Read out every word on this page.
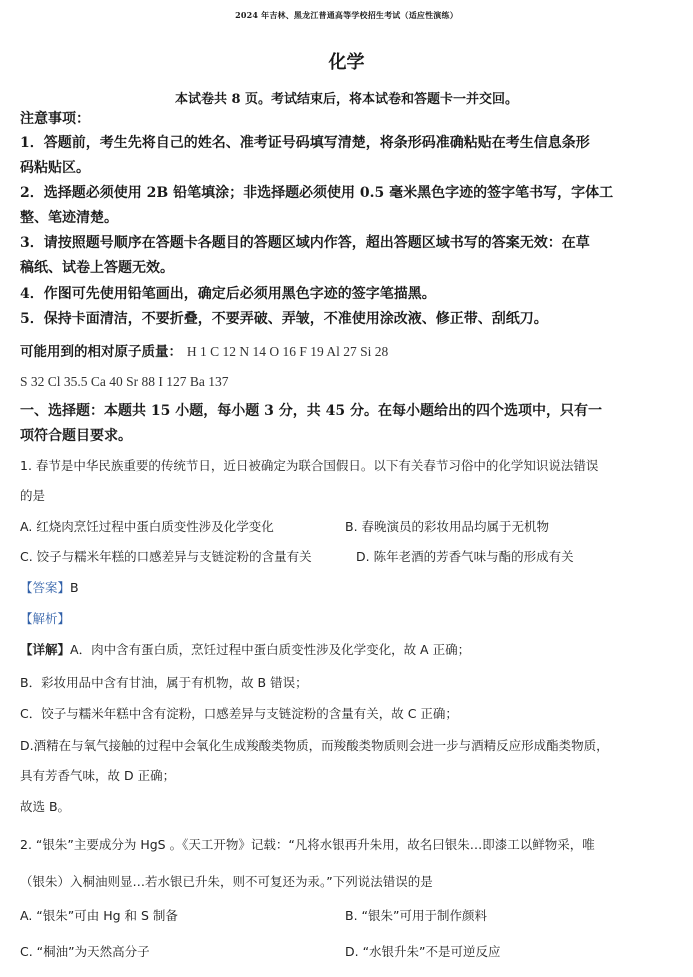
2024 年吉林、黑龙江普通高等学校招生考试（适应性演练）
化学
本试卷共 8 页。考试结束后，将本试卷和答题卡一并交回。
注意事项：
1．答题前，考生先将自己的姓名、准考证号码填写清楚，将条形码准确粘贴在考生信息条形
码粘贴区。
2．选择题必须使用 2B 铅笔填涂；非选择题必须使用 0.5 毫米黑色字迹的签字笔书写，字体工
整、笔迹清楚。
3．请按照题号顺序在答题卡各题目的答题区域内作答，超出答题区域书写的答案无效：在草
稿纸、试卷上答题无效。
4．作图可先使用铅笔画出，确定后必须用黑色字迹的签字笔描黑。
5．保持卡面清洁，不要折叠，不要弄破、弄皱，不准使用涂改液、修正带、刮纸刀。
可能用到的相对原子质量： H 1 C 12 N 14 O 16 F 19 Al 27 Si 28
S 32 Cl 35.5 Ca 40 Sr 88 I 127 Ba 137
一、选择题：本题共 15 小题，每小题 3 分，共 45 分。在每小题给出的四个选项中，只有一
项符合题目要求。
1. 春节是中华民族重要的传统节日，近日被确定为联合国假日。以下有关春节习俗中的化学知识说法错误
的是
A. 红烧肉烹饪过程中蛋白质变性涉及化学变化	B. 春晚演员的彩妆用品均属于无机物
C. 饺子与糯米年糕的口感差异与支链淀粉的含量有关	D. 陈年老酒的芳香气味与酯的形成有关
【答案】B
【解析】
【详解】A．肉中含有蛋白质，烹饪过程中蛋白质变性涉及化学变化，故 A 正确；
B．彩妆用品中含有甘油，属于有机物，故 B 错误；
C．饺子与糯米年糕中含有淀粉，口感差异与支链淀粉的含量有关，故 C 正确；
D.酒精在与氧气接触的过程中会氧化生成羧酸类物质，而羧酸类物质则会进一步与酒精反应形成酯类物质，
具有芳香气味，故 D 正确；
故选 B。
2. “银朱”主要成分为 HgS 。《天工开物》记载：“凡将水银再升朱用，故名曰银朱…即漆工以鲜物采，唯
（银朱）入桐油则显…若水银已升朱，则不可复还为汞。”下列说法错误的是
A. “银朱”可由 Hg 和 S 制备	B. “银朱”可用于制作颜料
C. “桐油”为天然高分子	D. “水银升朱”不是可逆反应
